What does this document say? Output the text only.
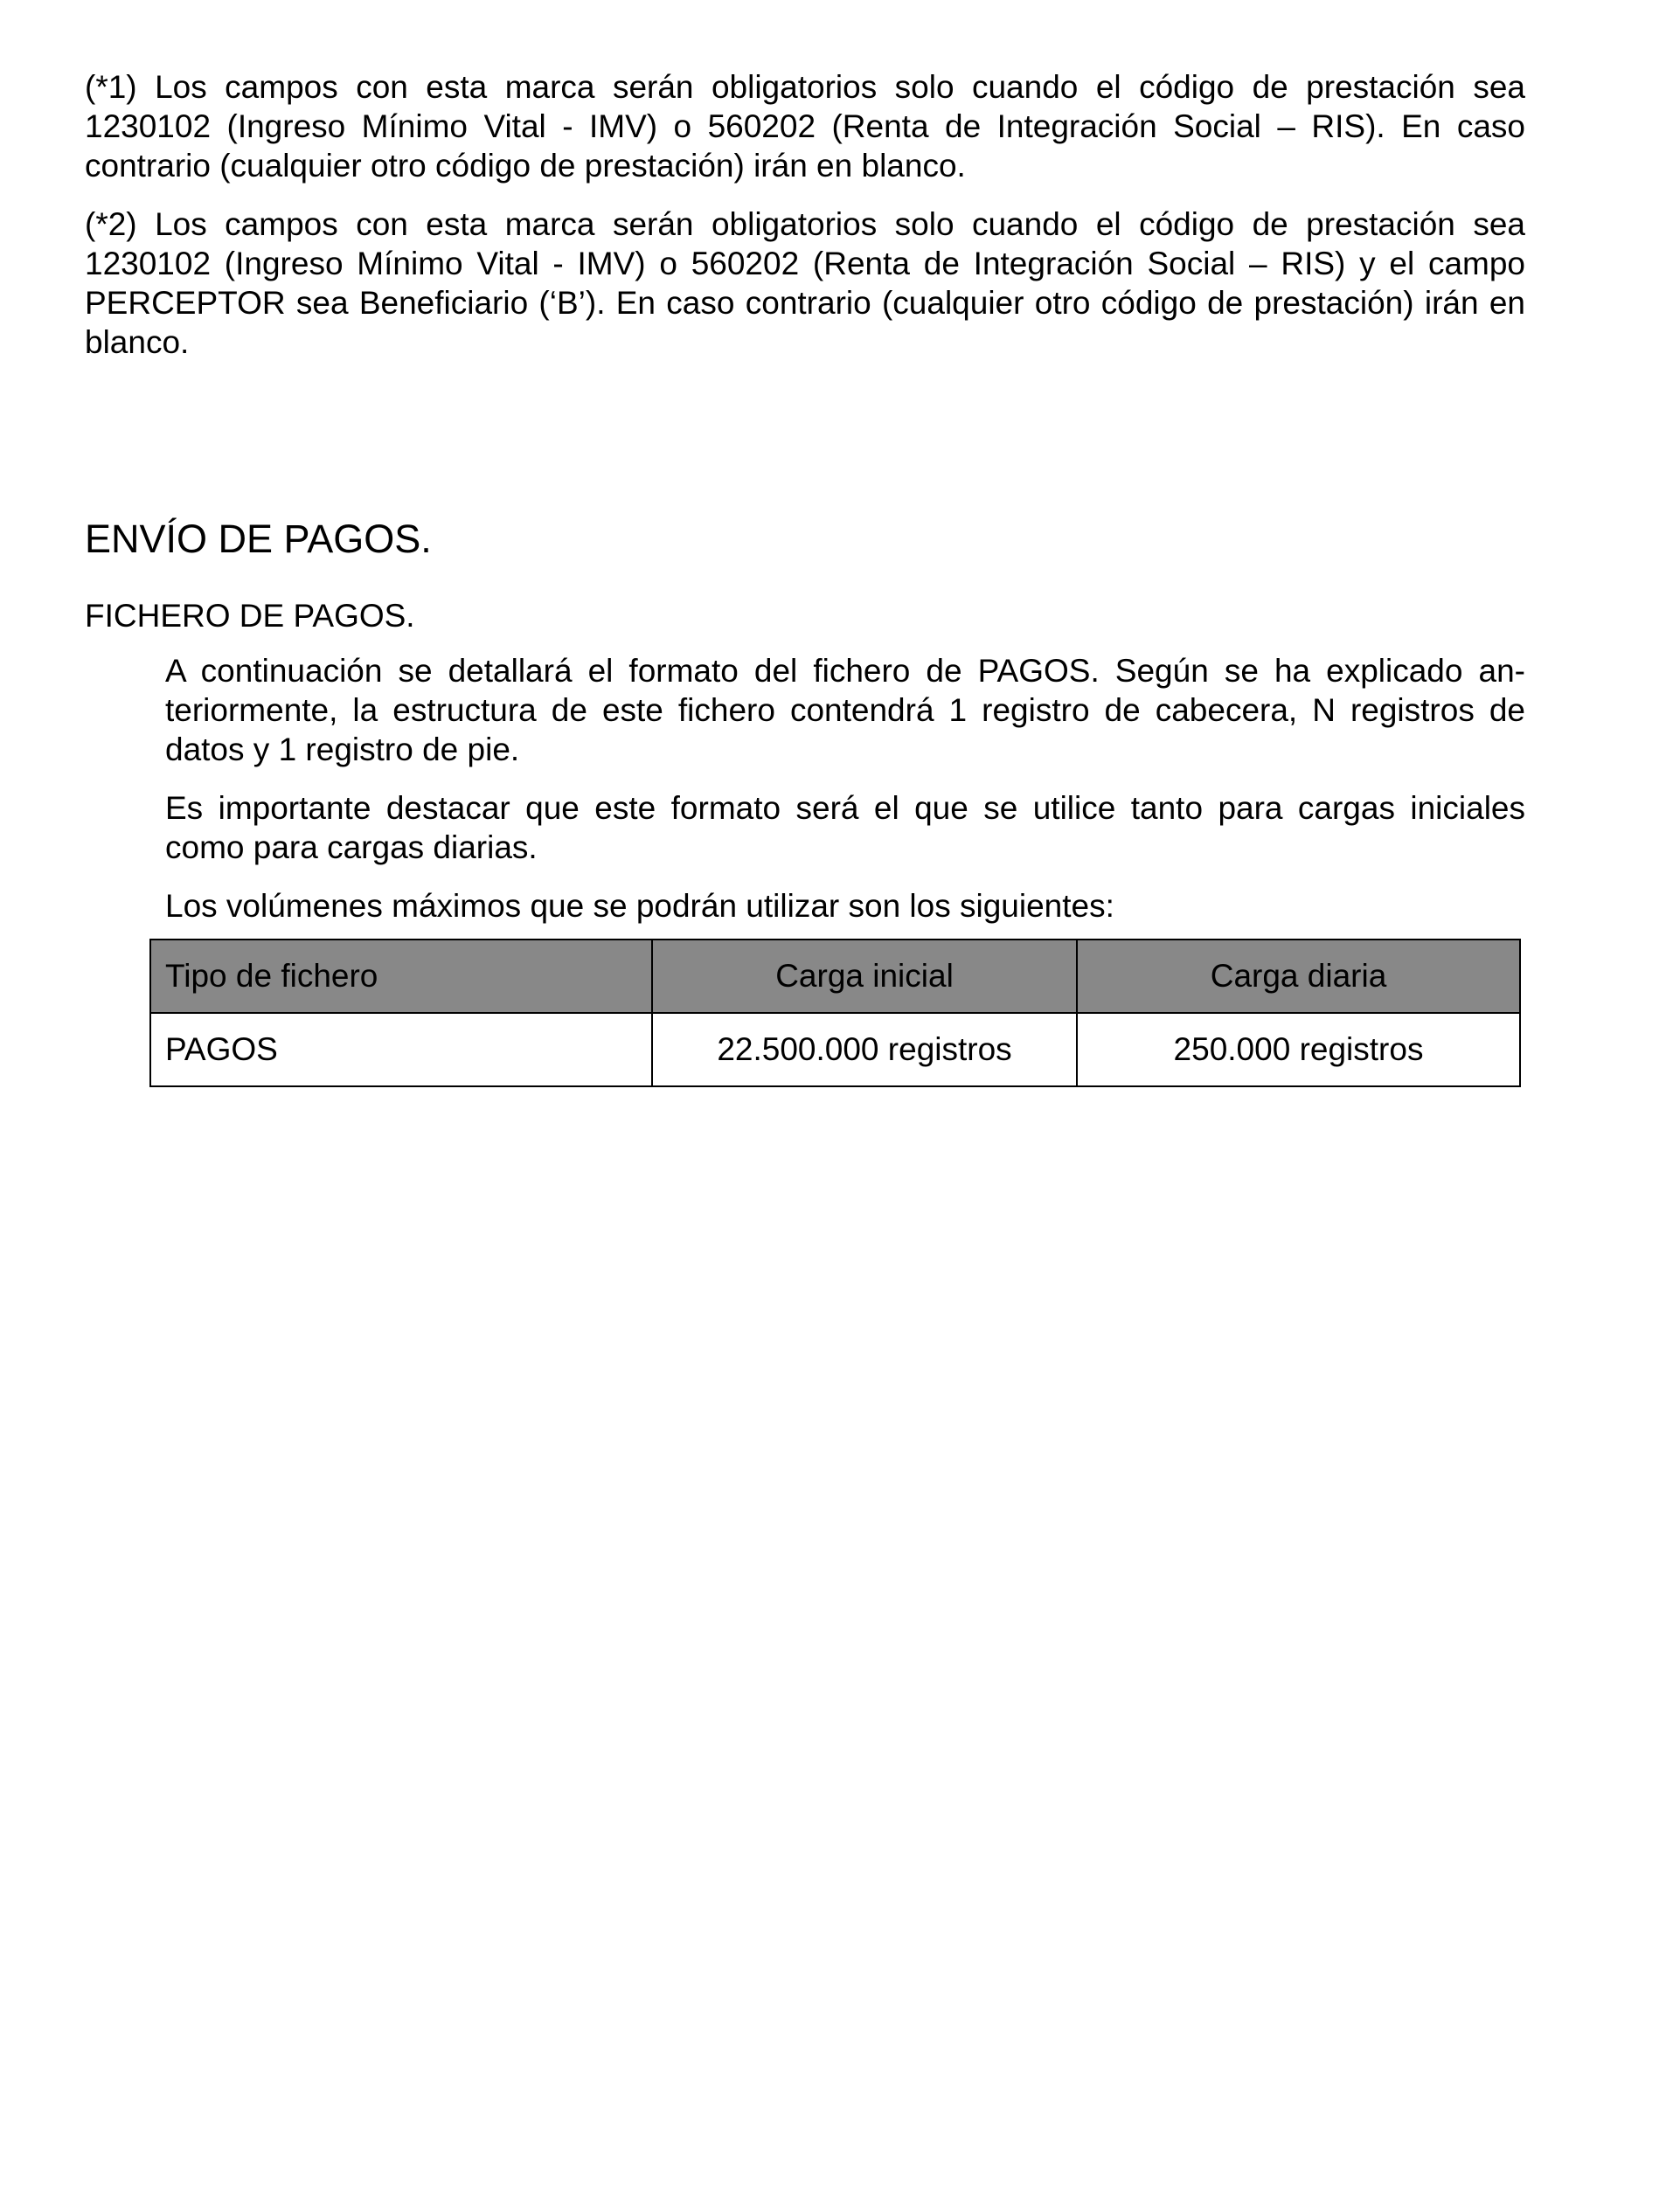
(*1) Los campos con esta marca serán obligatorios solo cuando el código de prestación sea 1230102 (Ingreso Mínimo Vital - IMV) o 560202 (Renta de Integración Social – RIS). En caso contrario (cualquier otro código de prestación) irán en blanco.

(*2) Los campos con esta marca serán obligatorios solo cuando el código de prestación sea 1230102 (Ingreso Mínimo Vital - IMV) o 560202 (Renta de Integración Social – RIS) y el campo PERCEPTOR sea Beneficiario (‘B’). En caso contrario (cualquier otro código de prestación) irán en blanco.

ENVÍO DE PAGOS.
FICHERO DE PAGOS.

A continuación se detallará el formato del fichero de PAGOS. Según se ha explicado anteriormente, la estructura de este fichero contendrá 1 registro de cabecera, N registros de datos y 1 registro de pie.

Es importante destacar que este formato será el que se utilice tanto para cargas iniciales como para cargas diarias.

Los volúmenes máximos que se podrán utilizar son los siguientes:

Tipo de fichero	Carga inicial	Carga diaria
PAGOS	22.500.000 registros	250.000 registros
